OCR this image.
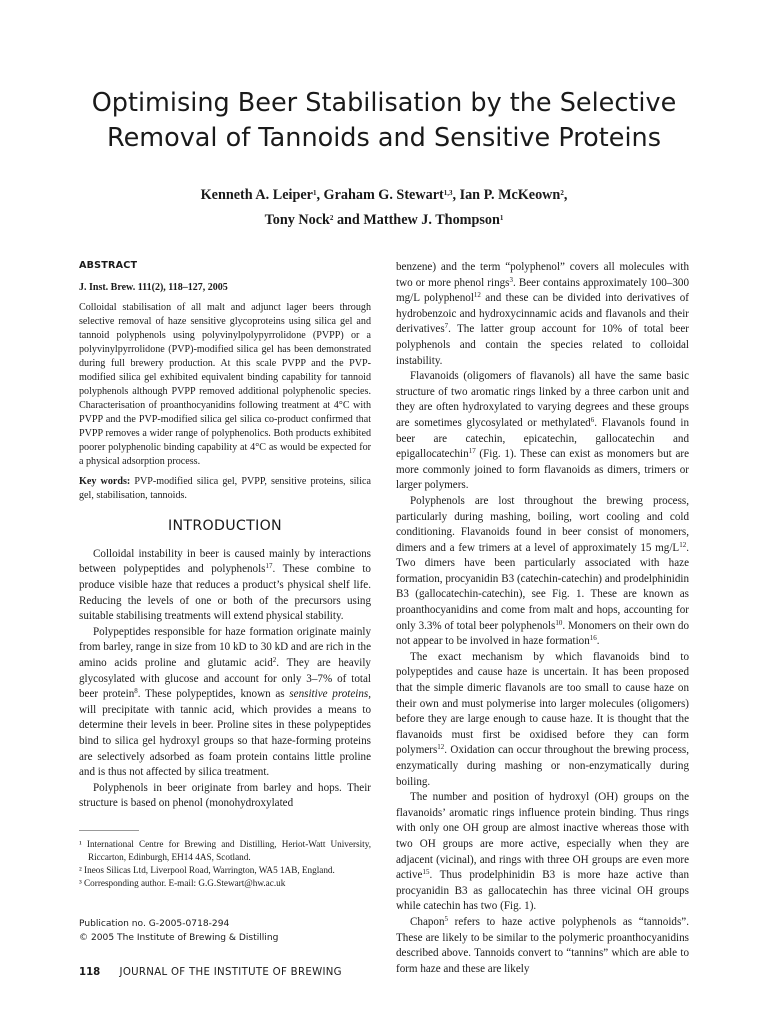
Optimising Beer Stabilisation by the Selective
Removal of Tannoids and Sensitive Proteins
Kenneth A. Leiper$^1$, Graham G. Stewart$^{1,3}$, Ian P. McKeown$^2$,
Tony Nock$^2$ and Matthew J. Thompson$^1$

ABSTRACT

J. Inst. Brew. 111(2), 118–127, 2005

Colloidal stabilisation of all malt and adjunct lager beers through selective removal of haze sensitive glycoproteins using silica gel and tannoid polyphenols using polyvinylpolypyrrolidone (PVPP) or a polyvinylpyrrolidone (PVP)-modified silica gel has been demonstrated during full brewery production. At this scale PVPP and the PVP-modified silica gel exhibited equivalent binding capability for tannoid polyphenols although PVPP removed additional polyphenolic species. Characterisation of proanthocyanidins following treatment at 4°C with PVPP and the PVP-modified silica gel silica co-product confirmed that PVPP removes a wider range of polyphenolics. Both products exhibited poorer polyphenolic binding capability at 4°C as would be expected for a physical adsorption process.

Key words: PVP-modified silica gel, PVPP, sensitive proteins, silica gel, stabilisation, tannoids.

INTRODUCTION

Colloidal instability in beer is caused mainly by interactions between polypeptides and polyphenols$^{17}$. These combine to produce visible haze that reduces a product’s physical shelf life. Reducing the levels of one or both of the precursors using suitable stabilising treatments will extend physical stability.

Polypeptides responsible for haze formation originate mainly from barley, range in size from 10 kD to 30 kD and are rich in the amino acids proline and glutamic acid$^2$. They are heavily glycosylated with glucose and account for only 3–7% of total beer protein$^8$. These polypeptides, known as sensitive proteins, will precipitate with tannic acid, which provides a means to determine their levels in beer. Proline sites in these polypeptides bind to silica gel hydroxyl groups so that haze-forming proteins are selectively adsorbed as foam protein contains little proline and is thus not affected by silica treatment.

Polyphenols in beer originate from barley and hops. Their structure is based on phenol (monohydroxylated

¹ International Centre for Brewing and Distilling, Heriot-Watt University, Riccarton, Edinburgh, EH14 4AS, Scotland.

² Ineos Silicas Ltd, Liverpool Road, Warrington, WA5 1AB, England.

³ Corresponding author. E-mail: G.G.Stewart@hw.ac.uk

Publication no. G-2005-0718-294

© 2005 The Institute of Brewing & Distilling

118 JOURNAL OF THE INSTITUTE OF BREWING

benzene) and the term “polyphenol” covers all molecules with two or more phenol rings$^3$. Beer contains approximately 100–300 mg/L polyphenol$^{12}$ and these can be divided into derivatives of hydrobenzoic and hydroxycinnamic acids and flavanols and their derivatives$^7$. The latter group account for 10% of total beer polyphenols and contain the species related to colloidal instability.

Flavanoids (oligomers of flavanols) all have the same basic structure of two aromatic rings linked by a three carbon unit and they are often hydroxylated to varying degrees and these groups are sometimes glycosylated or methylated$^6$. Flavanols found in beer are catechin, epicatechin, gallocatechin and epigallocatechin$^{17}$ (Fig. 1). These can exist as monomers but are more commonly joined to form flavanoids as dimers, trimers or larger polymers.

Polyphenols are lost throughout the brewing process, particularly during mashing, boiling, wort cooling and cold conditioning. Flavanoids found in beer consist of monomers, dimers and a few trimers at a level of approximately 15 $mg/L^{12}$. Two dimers have been particularly associated with haze formation, procyanidin B3 (catechin-catechin) and prodelphinidin B3 (gallocatechin-catechin), see Fig. 1. These are known as proanthocyanidins and come from malt and hops, accounting for only 3.3% of total beer polyphenols$^{10}$. Monomers on their own do not appear to be involved in haze formation$^{16}$.

The exact mechanism by which flavanoids bind to polypeptides and cause haze is uncertain. It has been proposed that the simple dimeric flavanols are too small to cause haze on their own and must polymerise into larger molecules (oligomers) before they are large enough to cause haze. It is thought that the flavanoids must first be oxidised before they can form polymers$^{12}$. Oxidation can occur throughout the brewing process, enzymatically during mashing or non-enzymatically during boiling.

The number and position of hydroxyl (OH) groups on the flavanoids’ aromatic rings influence protein binding. Thus rings with only one OH group are almost inactive whereas those with two OH groups are more active, especially when they are adjacent (vicinal), and rings with three OH groups are even more active$^{15}$. Thus prodelphinidin B3 is more haze active than procyanidin B3 as gallocatechin has three vicinal OH groups while catechin has two (Fig. 1).

Chapon$^5$ refers to haze active polyphenols as “tannoids”. These are likely to be similar to the polymeric proanthocyanidins described above. Tannoids convert to “tannins” which are able to form haze and these are likely
